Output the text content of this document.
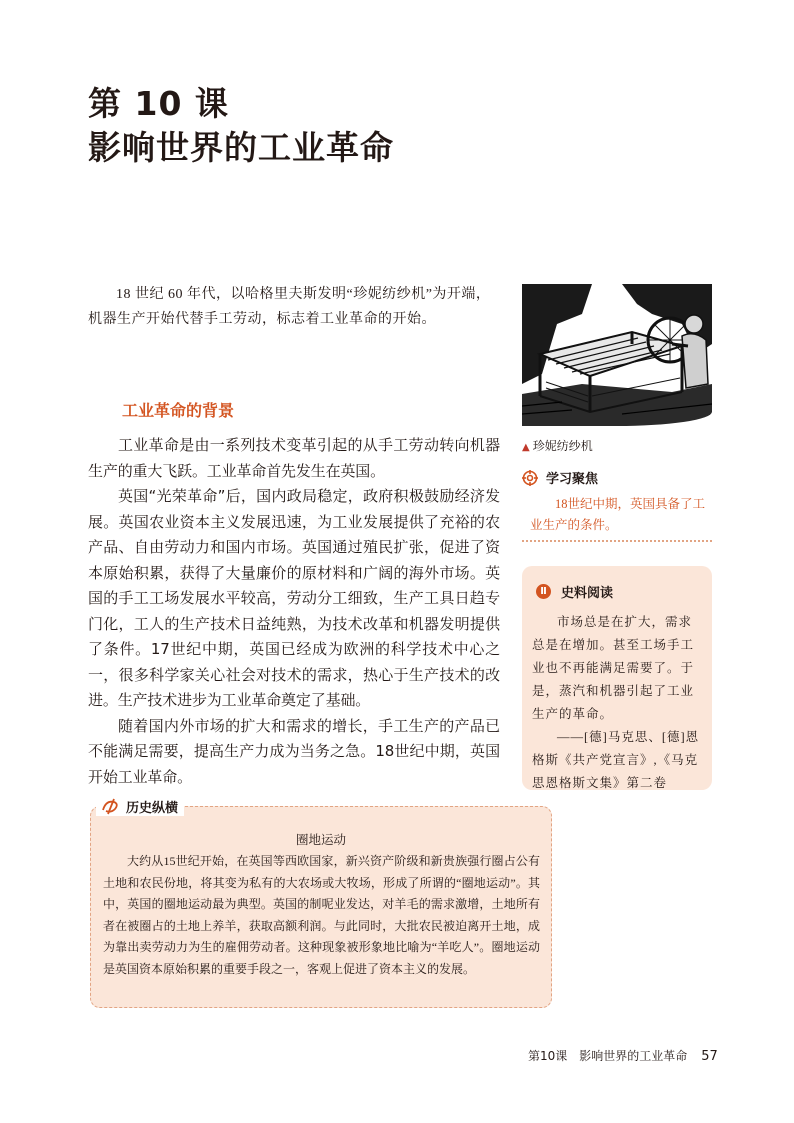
第 10 课
影响世界的工业革命

18 世纪 60 年代，以哈格里夫斯发明“珍妮纺纱机”为开端，机器生产开始代替手工劳动，标志着工业革命的开始。

▲ 珍妮纺纱机
工业革命的背景

工业革命是由一系列技术变革引起的从手工劳动转向机器生产的重大飞跃。工业革命首先发生在英国。

英国“光荣革命”后，国内政局稳定，政府积极鼓励经济发展。英国农业资本主义发展迅速，为工业发展提供了充裕的农产品、自由劳动力和国内市场。英国通过殖民扩张，促进了资本原始积累，获得了大量廉价的原材料和广阔的海外市场。英国的手工工场发展水平较高，劳动分工细致，生产工具日趋专门化，工人的生产技术日益纯熟，为技术改革和机器发明提供了条件。17世纪中期，英国已经成为欧洲的科学技术中心之一，很多科学家关心社会对技术的需求，热心于生产技术的改进。生产技术进步为工业革命奠定了基础。

随着国内外市场的扩大和需求的增长，手工生产的产品已不能满足需要，提高生产力成为当务之急。18世纪中期，英国开始工业革命。

学习聚焦

18世纪中期，英国具备了工业生产的条件。

Ⅱ	史料阅读

市场总是在扩大，需求总是在增加。甚至工场手工业也不再能满足需要了。于是，蒸汽和机器引起了工业生产的革命。

——[德]马克思、[德]恩格斯《共产党宣言》,《马克思恩格斯文集》第二卷

历史纵横
圈地运动

大约从15世纪开始，在英国等西欧国家，新兴资产阶级和新贵族强行圈占公有土地和农民份地，将其变为私有的大农场或大牧场，形成了所谓的“圈地运动”。其中，英国的圈地运动最为典型。英国的制呢业发达，对羊毛的需求激增，土地所有者在被圈占的土地上养羊，获取高额利润。与此同时，大批农民被迫离开土地，成为靠出卖劳动力为生的雇佣劳动者。这种现象被形象地比喻为“羊吃人”。圈地运动是英国资本原始积累的重要手段之一，客观上促进了资本主义的发展。

第10课　影响世界的工业革命 57
